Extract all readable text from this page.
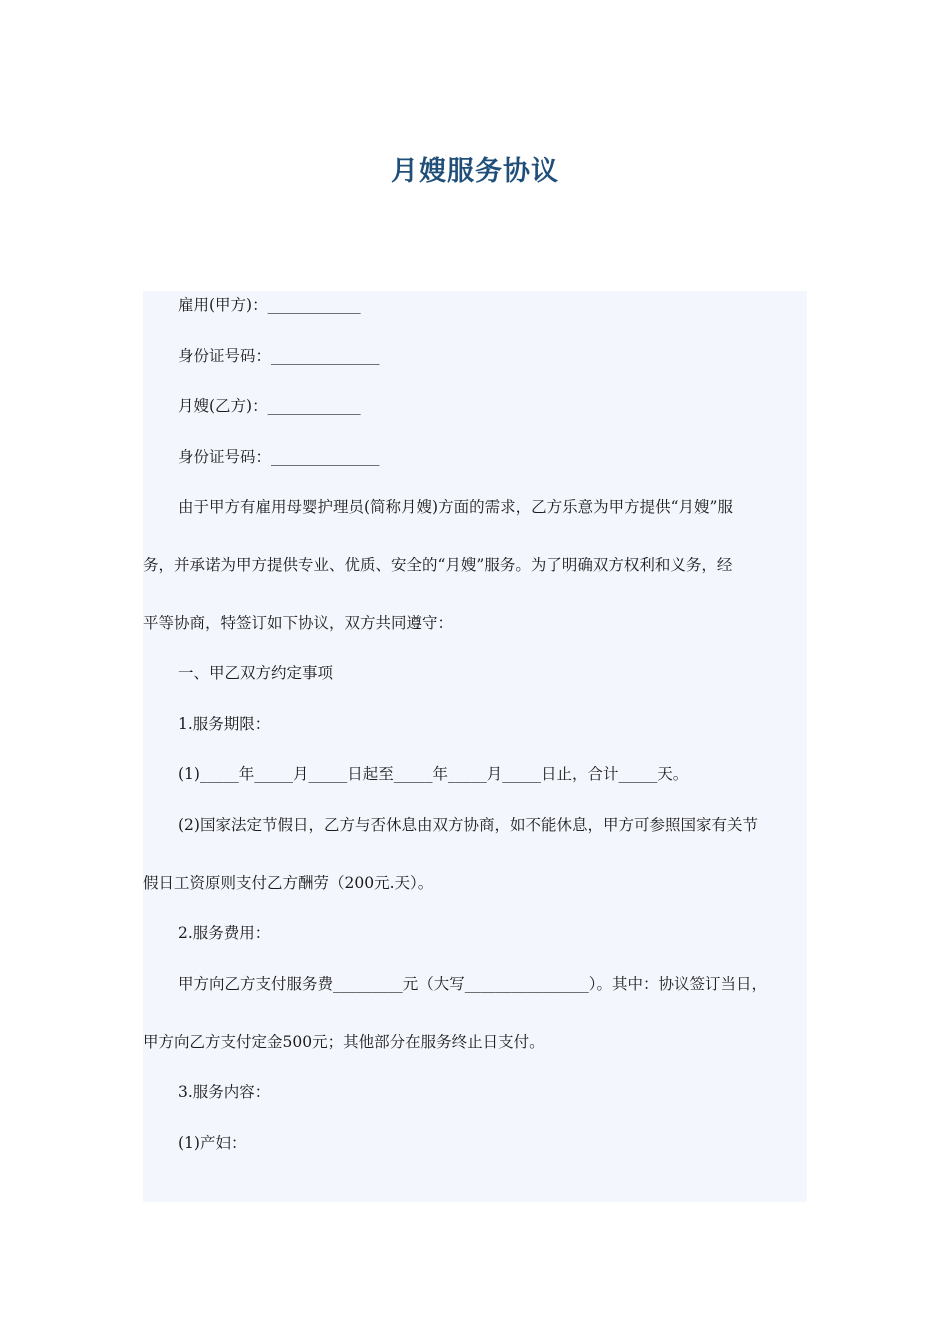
月嫂服务协议
雇用(甲方)：____________
身份证号码：______________
月嫂(乙方)：____________
身份证号码：______________
由于甲方有雇用母婴护理员(简称月嫂)方面的需求，乙方乐意为甲方提供“月嫂”服
务，并承诺为甲方提供专业、优质、安全的“月嫂”服务。为了明确双方权利和义务，经
平等协商，特签订如下协议，双方共同遵守：
一、甲乙双方约定事项
1.服务期限：
(1)_____年_____月_____日起至_____年_____月_____日止，合计_____天。
(2)国家法定节假日，乙方与否休息由双方协商，如不能休息，甲方可参照国家有关节
假日工资原则支付乙方酬劳（200元.天）。
2.服务费用：
甲方向乙方支付服务费_________元（大写________________）。其中：协议签订当日，
甲方向乙方支付定金500元；其他部分在服务终止日支付。
3.服务内容：
(1)产妇：
